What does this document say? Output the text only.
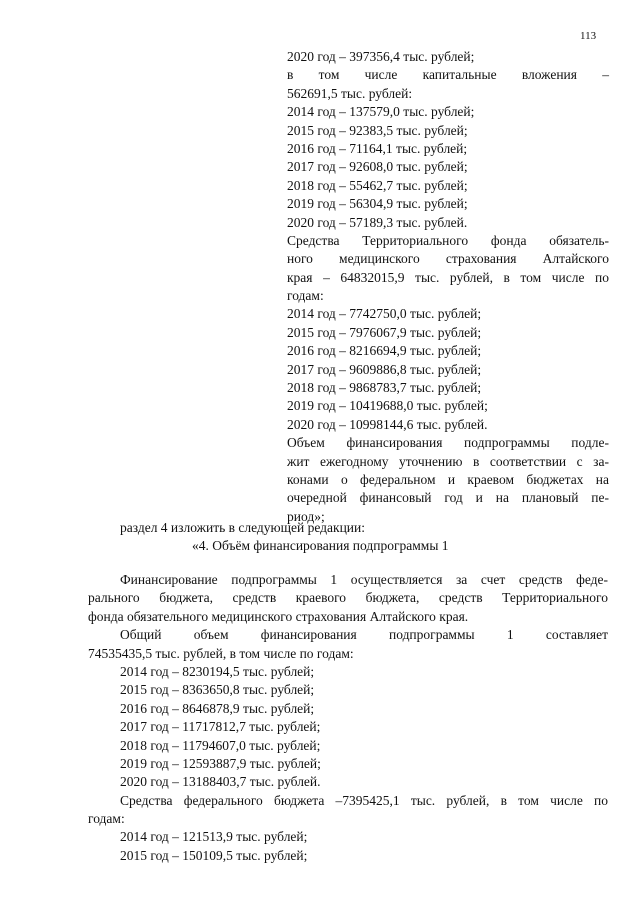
113
2020 год – 397356,4 тыс. рублей;
в том числе капитальные вложения –
562691,5 тыс. рублей:
2014 год – 137579,0 тыс. рублей;
2015 год – 92383,5 тыс. рублей;
2016 год – 71164,1 тыс. рублей;
2017 год – 92608,0 тыс. рублей;
2018 год – 55462,7 тыс. рублей;
2019 год – 56304,9 тыс. рублей;
2020 год – 57189,3 тыс. рублей.
Средства Территориального фонда обязатель-
ного медицинского страхования Алтайского
края – 64832015,9 тыс. рублей, в том числе по
годам:
2014 год – 7742750,0 тыс. рублей;
2015 год – 7976067,9 тыс. рублей;
2016 год – 8216694,9 тыс. рублей;
2017 год – 9609886,8 тыс. рублей;
2018 год – 9868783,7 тыс. рублей;
2019 год – 10419688,0 тыс. рублей;
2020 год – 10998144,6 тыс. рублей.
Объем финансирования подпрограммы подле-
жит ежегодному уточнению в соответствии с за-
конами о федеральном и краевом бюджетах на
очередной финансовый год и на плановый пе-
риод»;
раздел 4 изложить в следующей редакции:
«4. Объём финансирования подпрограммы 1
Финансирование подпрограммы 1 осуществляется за счет средств феде-
рального бюджета, средств краевого бюджета, средств Территориального
фонда обязательного медицинского страхования Алтайского края.
Общий объем финансирования подпрограммы 1 составляет
74535435,5 тыс. рублей, в том числе по годам:
2014 год – 8230194,5 тыс. рублей;
2015 год – 8363650,8 тыс. рублей;
2016 год – 8646878,9 тыс. рублей;
2017 год – 11717812,7 тыс. рублей;
2018 год – 11794607,0 тыс. рублей;
2019 год – 12593887,9 тыс. рублей;
2020 год – 13188403,7 тыс. рублей.
Средства федерального бюджета –7395425,1 тыс. рублей, в том числе по
годам:
2014 год – 121513,9 тыс. рублей;
2015 год – 150109,5 тыс. рублей;
